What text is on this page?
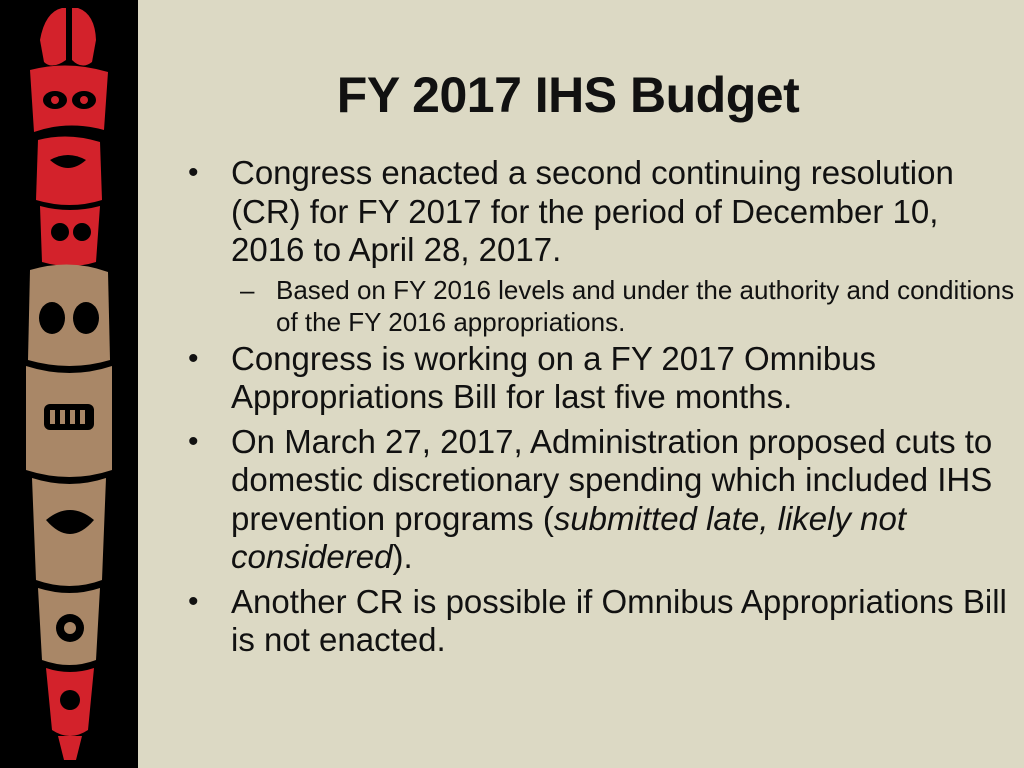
FY 2017 IHS Budget
• Congress enacted a second continuing resolution (CR) for FY 2017 for the period of December 10, 2016 to April 28, 2017.
– Based on FY 2016 levels and under the authority and conditions of the FY 2016 appropriations.
• Congress is working on a FY 2017 Omnibus Appropriations Bill for last five months.
• On March 27, 2017, Administration proposed cuts to domestic discretionary spending which included IHS prevention programs (submitted late, likely not considered).
• Another CR is possible if Omnibus Appropriations Bill is not enacted.
